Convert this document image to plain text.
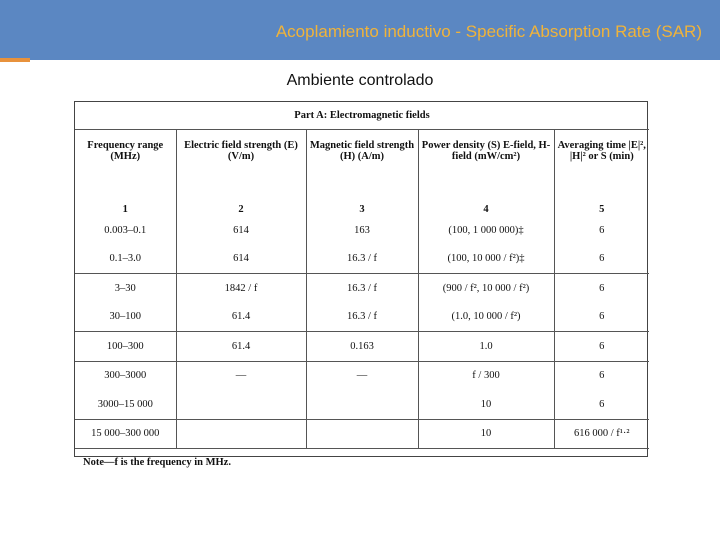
Acoplamiento inductivo - Specific Absorption Rate (SAR)
Ambiente controlado
Part A: Electromagnetic fields				
Frequency range (MHz)	Electric field strength (E) (V/m)	Magnetic field strength (H) (A/m)	Power density (S) E-field, H-field (mW/cm²)	Averaging time |E|², |H|² or S (min)
1	2	3	4	5
0.003–0.1	614	163	(100, 1 000 000)‡	6
0.1–3.0	614	16.3 / f	(100, 10 000 / f²)‡	6
3–30	1842 / f	16.3 / f	(900 / f², 10 000 / f²)	6
30–100	61.4	16.3 / f	(1.0, 10 000 / f²)	6
100–300	61.4	0.163	1.0	6
300–3000	—	—	f / 300	6
3000–15 000			10	6
15 000–300 000			10	616 000 / f¹·²
Note—f is the frequency in MHz.				
